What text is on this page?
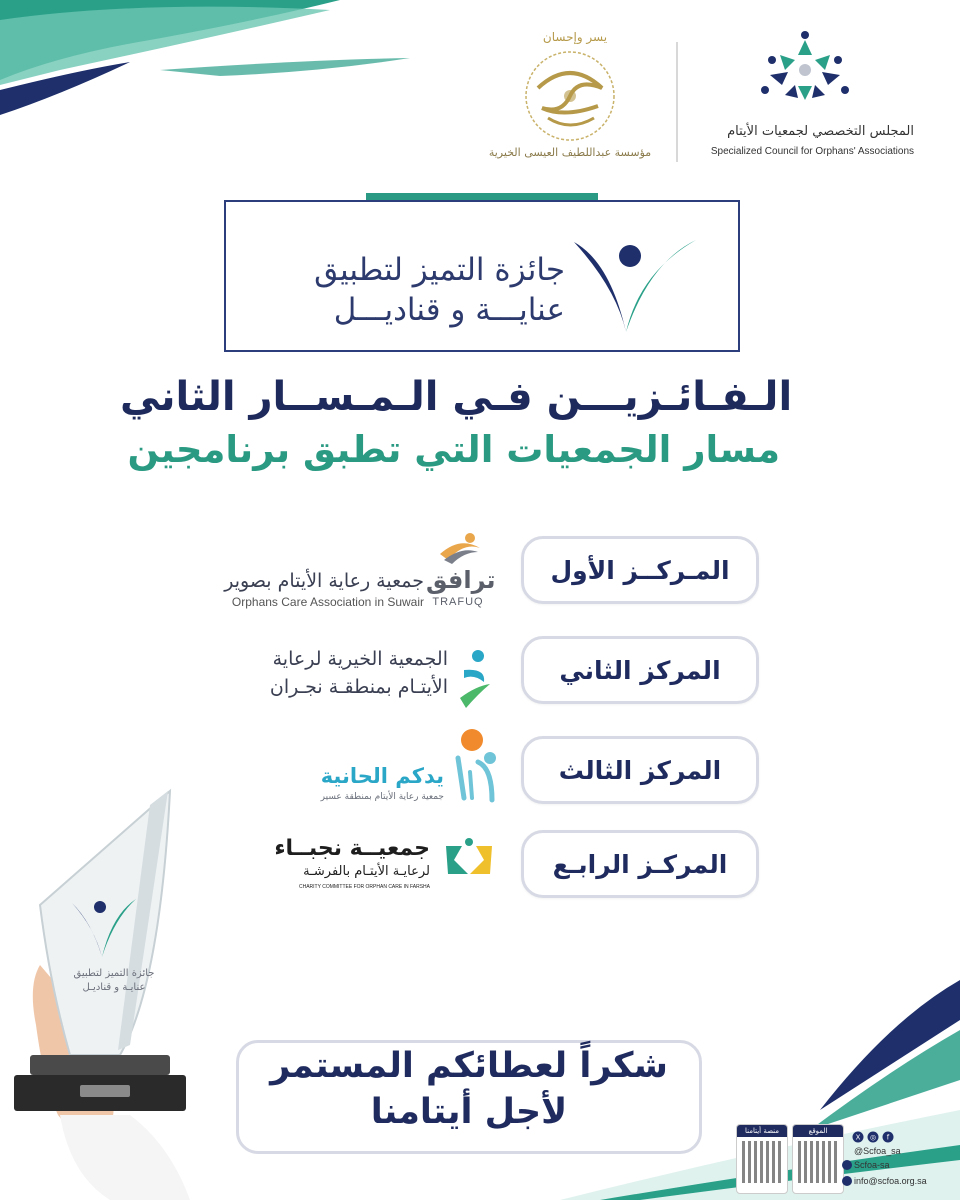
المجلس التخصصي لجمعيات الأيتام
Specialized Council for Orphans' Associations
يسر وإحسان
مؤسسة عبداللطيف العيسى الخيرية
جائزة التميز لتطبيق
عنايـــة و قناديـــل
الـفـائـزيـــن فـي الـمـســار الثاني
مسار الجمعيات التي تطبق برنامجين
المـركــز الأول
جمعية رعاية الأيتام بصوير
Orphans Care Association in Suwair
ترافق
TRAFUQ
المركز الثاني
الجمعية الخيرية لرعاية
الأيتـام بمنطقـة نجـران
المركز الثالث
يدكم الحانية
جمعية رعاية الأيتام بمنطقة عسير
المركـز الرابـع
جمعيــة نجبــاء
لرعايـة الأيتـام بالفرشـة
CHARITY COMMITTEE FOR ORPHAN CARE IN FARSHA
جائزة التميز لتطبيق
عنايـة و قناديـل
شكراً لعطائكم المستمر
لأجل أيتامنا	منصة أيتامنا	الموقع
X ◎ f
@Scfoa_sa
Scfoa-sa
info@scfoa.org.sa
